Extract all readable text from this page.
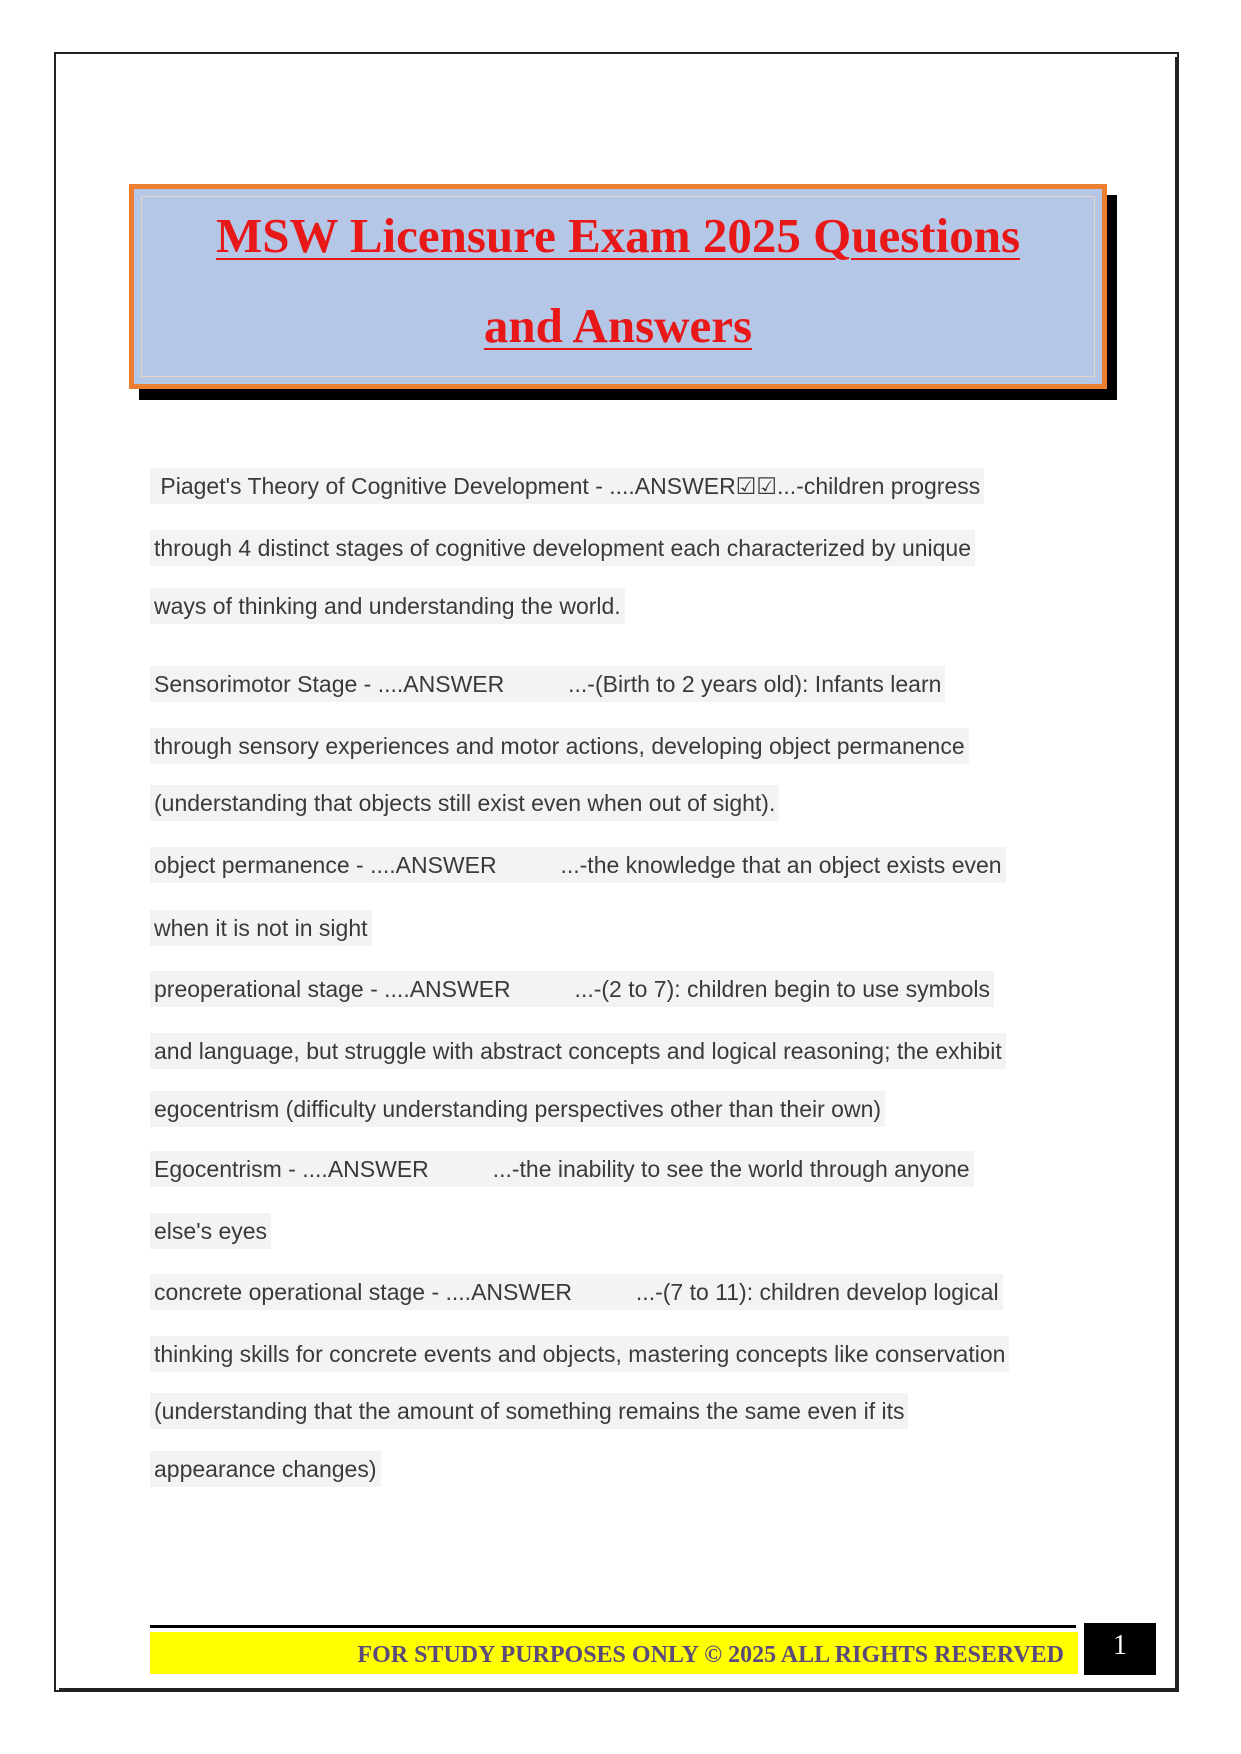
MSW Licensure Exam 2025 Questions
and Answers
Piaget's Theory of Cognitive Development - ....ANSWER☑☑...-children progress
through 4 distinct stages of cognitive development each characterized by unique
ways of thinking and understanding the world.
Sensorimotor Stage - ....ANSWER          ...-(Birth to 2 years old): Infants learn
through sensory experiences and motor actions, developing object permanence
(understanding that objects still exist even when out of sight).
object permanence - ....ANSWER          ...-the knowledge that an object exists even
when it is not in sight
preoperational stage - ....ANSWER          ...-(2 to 7): children begin to use symbols
and language, but struggle with abstract concepts and logical reasoning; the exhibit
egocentrism (difficulty understanding perspectives other than their own)
Egocentrism - ....ANSWER          ...-the inability to see the world through anyone
else's eyes
concrete operational stage - ....ANSWER          ...-(7 to 11): children develop logical
thinking skills for concrete events and objects, mastering concepts like conservation
(understanding that the amount of something remains the same even if its
appearance changes)
FOR STUDY PURPOSES ONLY © 2025 ALL RIGHTS RESERVED	1
